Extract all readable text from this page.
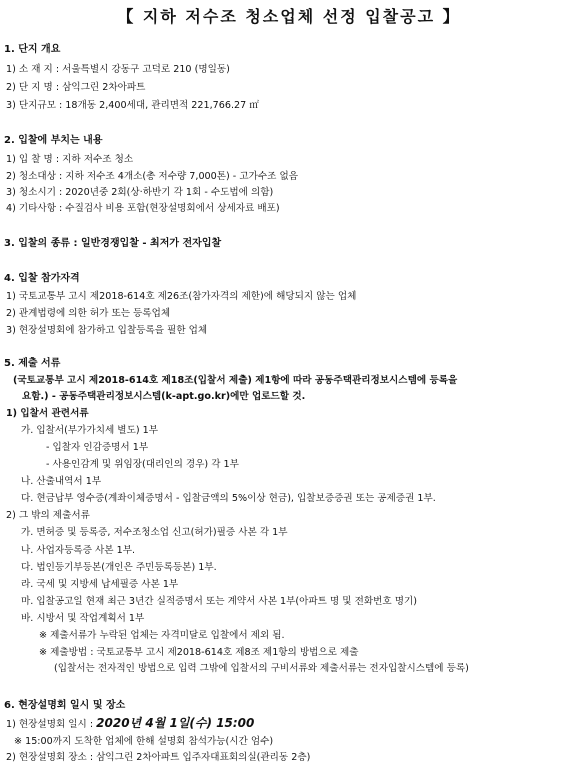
【 지하 저수조 청소업체 선정 입찰공고 】
1. 단지 개요
1) 소 재 지 : 서울특별시 강동구 고덕로 210 (명일동)
2) 단 지 명 : 삼익그린 2차아파트
3) 단지규모 : 18개동 2,400세대, 관리면적 221,766.27 ㎡
2. 입찰에 부치는 내용
1) 입 찰 명 : 지하 저수조 청소
2) 청소대상 : 지하 저수조 4개소(총 저수량 7,000톤) - 고가수조 없음
3) 청소시기 : 2020년중 2회(상·하반기 각 1회 - 수도법에 의함)
4) 기타사항 : 수질검사 비용 포함(현장설명회에서 상세자료 배포)
3. 입찰의 종류 : 일반경쟁입찰 - 최저가 전자입찰
4. 입찰 참가자격
1) 국토교통부 고시 제2018-614호 제26조(참가자격의 제한)에 해당되지 않는 업체
2) 관계법령에 의한 허가 또는 등록업체
3) 현장설명회에 참가하고 입찰등록을 필한 업체
5. 제출 서류
(국토교통부 고시 제2018-614호 제18조(입찰서 제출) 제1항에 따라 공동주택관리정보시스템에 등록을
요함.) - 공동주택관리정보시스템(k-apt.go.kr)에만 업로드할 것.
1) 입찰서 관련서류
가. 입찰서(부가가치세 별도) 1부
- 입찰자 인감증명서 1부
- 사용인감계 및 위임장(대리인의 경우) 각 1부
나. 산출내역서 1부
다. 현금납부 영수증(계좌이체증명서 - 입찰금액의 5%이상 현금), 입찰보증증권 또는 공제증권 1부.
2) 그 밖의 제출서류
가. 면허증 및 등록증, 저수조청소업 신고(허가)필증 사본 각 1부
나. 사업자등록증 사본 1부.
다. 법인등기부등본(개인은 주민등록등본) 1부.
라. 국세 및 지방세 납세필증 사본 1부
마. 입찰공고일 현재 최근 3년간 실적증명서 또는 계약서 사본 1부(아파트 명 및 전화번호 명기)
바. 시방서 및 작업계획서 1부
※ 제출서류가 누락된 업체는 자격미달로 입찰에서 제외 됨.
※ 제출방법 : 국토교통부 고시 제2018-614호 제8조 제1항의 방법으로 제출
(입찰서는 전자적인 방법으로 입력 그밖에 입찰서의 구비서류와 제출서류는 전자입찰시스템에 등록)
6. 현장설명회 일시 및 장소
1) 현장설명회 일시 : 2020년 4월 1일(수) 15:00
※ 15:00까지 도착한 업체에 한해 설명회 참석가능(시간 엄수)
2) 현장설명회 장소 : 삼익그린 2차아파트 입주자대표회의실(관리동 2층)
